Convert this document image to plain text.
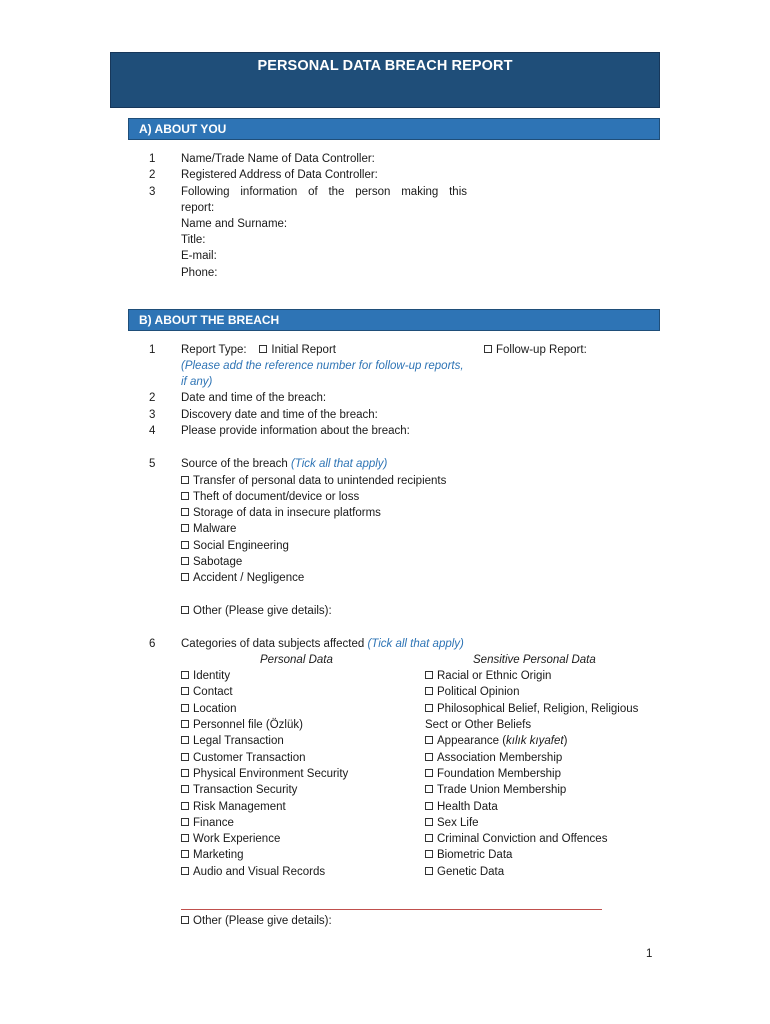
PERSONAL DATA BREACH REPORT
A) ABOUT YOU
1 Name/Trade Name of Data Controller:
2 Registered Address of Data Controller:
3 Following information of the person making this
report:
Name and Surname:
Title:
E-mail:
Phone:
B) ABOUT THE BREACH
1 Report Type: Initial Report	Follow-up Report:
(Please add the reference number for follow-up reports,
if any)
2 Date and time of the breach:
3 Discovery date and time of the breach:
4 Please provide information about the breach:
5 Source of the breach (Tick all that apply)
Transfer of personal data to unintended recipients
Theft of document/device or loss
Storage of data in insecure platforms
Malware
Social Engineering
Sabotage
Accident / Negligence
Other (Please give details):
6 Categories of data subjects affected (Tick all that apply)
Personal Data	Sensitive Personal Data
Identity
Contact
Location
Personnel file (Özlük)
Legal Transaction
Customer Transaction
Physical Environment Security
Transaction Security
Risk Management
Finance
Work Experience
Marketing
Audio and Visual Records
Racial or Ethnic Origin
Political Opinion
Philosophical Belief, Religion, Religious
Sect or Other Beliefs
Appearance (kılık kıyafet)
Association Membership
Foundation Membership
Trade Union Membership
Health Data
Sex Life
Criminal Conviction and Offences
Biometric Data
Genetic Data
Other (Please give details):
1
